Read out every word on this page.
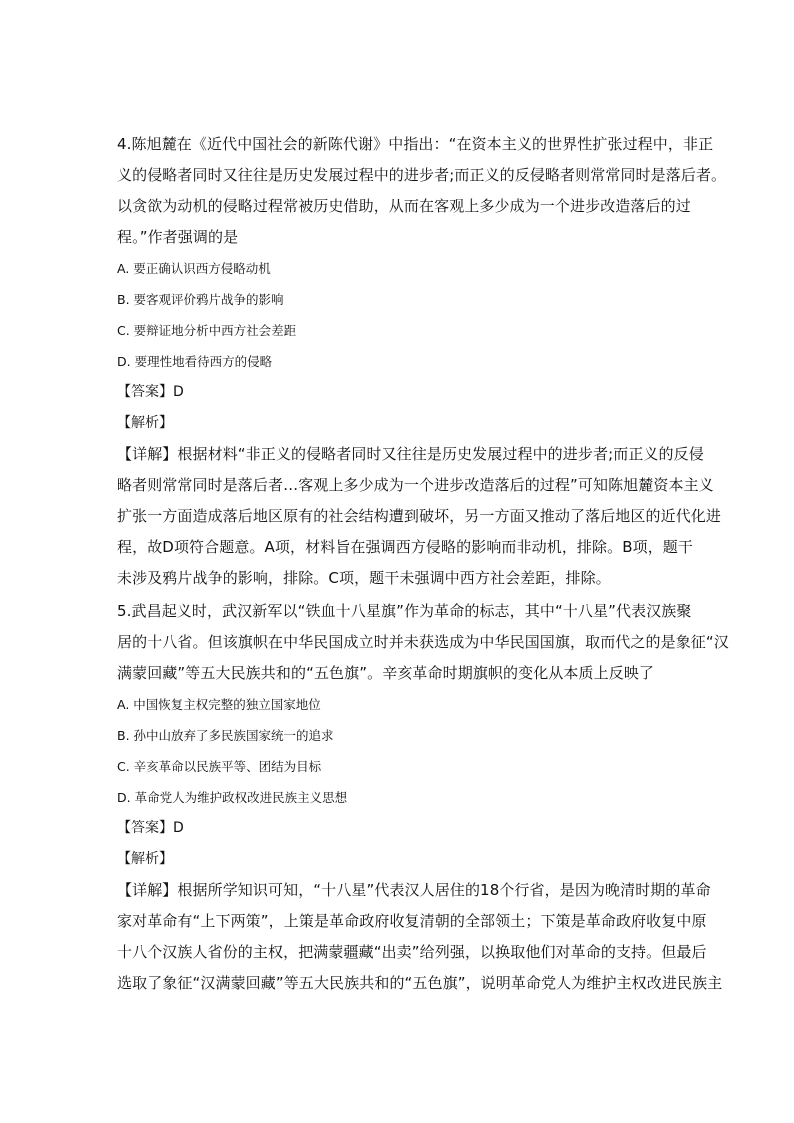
4.陈旭麓在《近代中国社会的新陈代谢》中指出：“在资本主义的世界性扩张过程中，非正
义的侵略者同时又往往是历史发展过程中的进步者;而正义的反侵略者则常常同时是落后者。
以贪欲为动机的侵略过程常被历史借助，从而在客观上多少成为一个进步改造落后的过
程。”作者强调的是
A. 要正确认识西方侵略动机
B. 要客观评价鸦片战争的影响
C. 要辩证地分析中西方社会差距
D. 要理性地看待西方的侵略
【答案】D
【解析】
【详解】根据材料“非正义的侵略者同时又往往是历史发展过程中的进步者;而正义的反侵
略者则常常同时是落后者…客观上多少成为一个进步改造落后的过程”可知陈旭麓资本主义
扩张一方面造成落后地区原有的社会结构遭到破坏，另一方面又推动了落后地区的近代化进
程，故D项符合题意。A项，材料旨在强调西方侵略的影响而非动机，排除。B项，题干
未涉及鸦片战争的影响，排除。C项，题干未强调中西方社会差距，排除。
5.武昌起义时，武汉新军以“铁血十八星旗”作为革命的标志，其中“十八星”代表汉族聚
居的十八省。但该旗帜在中华民国成立时并未获选成为中华民国国旗，取而代之的是象征“汉
满蒙回藏”等五大民族共和的“五色旗”。辛亥革命时期旗帜的变化从本质上反映了
A. 中国恢复主权完整的独立国家地位
B. 孙中山放弃了多民族国家统一的追求
C. 辛亥革命以民族平等、团结为目标
D. 革命党人为维护政权改进民族主义思想
【答案】D
【解析】
【详解】根据所学知识可知，“十八星”代表汉人居住的18个行省，是因为晚清时期的革命
家对革命有“上下两策”，上策是革命政府收复清朝的全部领土；下策是革命政府收复中原
十八个汉族人省份的主权，把满蒙疆藏“出卖”给列强，以换取他们对革命的支持。但最后
选取了象征“汉满蒙回藏”等五大民族共和的“五色旗”，说明革命党人为维护主权改进民族主
